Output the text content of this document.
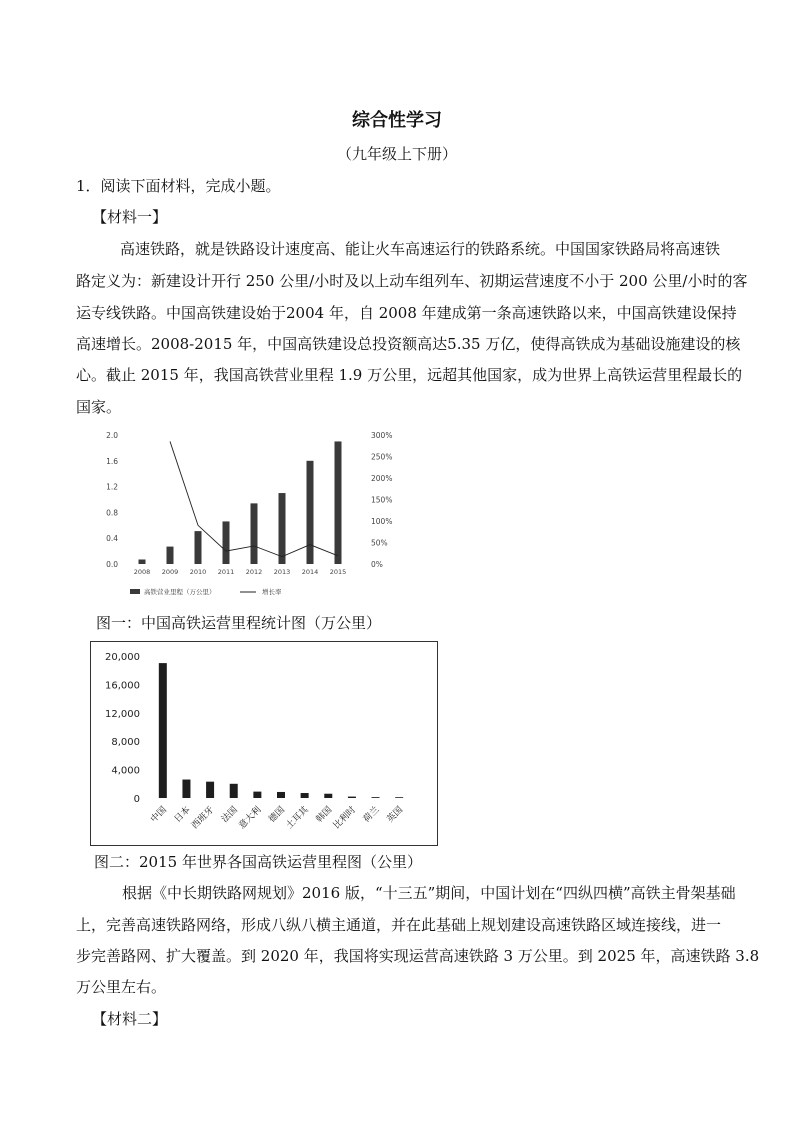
综合性学习
（九年级上下册）
1．阅读下面材料，完成小题。
【材料一】
高速铁路，就是铁路设计速度高、能让火车高速运行的铁路系统。中国国家铁路局将高速铁
路定义为：新建设计开行 250 公里/小时及以上动车组列车、初期运营速度不小于 200 公里/小时的客
运专线铁路。中国高铁建设始于2004 年，自 2008 年建成第一条高速铁路以来，中国高铁建设保持
高速增长。2008-2015 年，中国高铁建设总投资额高达5.35 万亿，使得高铁成为基础设施建设的核
心。截止 2015 年，我国高铁营业里程 1.9 万公里，远超其他国家，成为世界上高铁运营里程最长的
国家。
0.0
0.4
0.8
1.2
1.6
2.0
0%
50%
100%
150%
200%
250%
300%
2008 2009 2010 2011 2012 2013 2014 2015
高铁营业里程（万公里）	增长率
图一：中国高铁运营里程统计图（万公里）
0
4,000
8,000
12,000
16,000
20,000
中国 日本
西班牙 法国
意大利 德国
土耳其 韩国
比利时 荷兰 英国
图二：2015 年世界各国高铁运营里程图（公里）
根据《中长期铁路网规划》2016 版，“十三五”期间，中国计划在“四纵四横”高铁主骨架基础
上，完善高速铁路网络，形成八纵八横主通道，并在此基础上规划建设高速铁路区域连接线，进一
步完善路网、扩大覆盖。到 2020 年，我国将实现运营高速铁路 3 万公里。到 2025 年，高速铁路 3.8
万公里左右。
【材料二】
